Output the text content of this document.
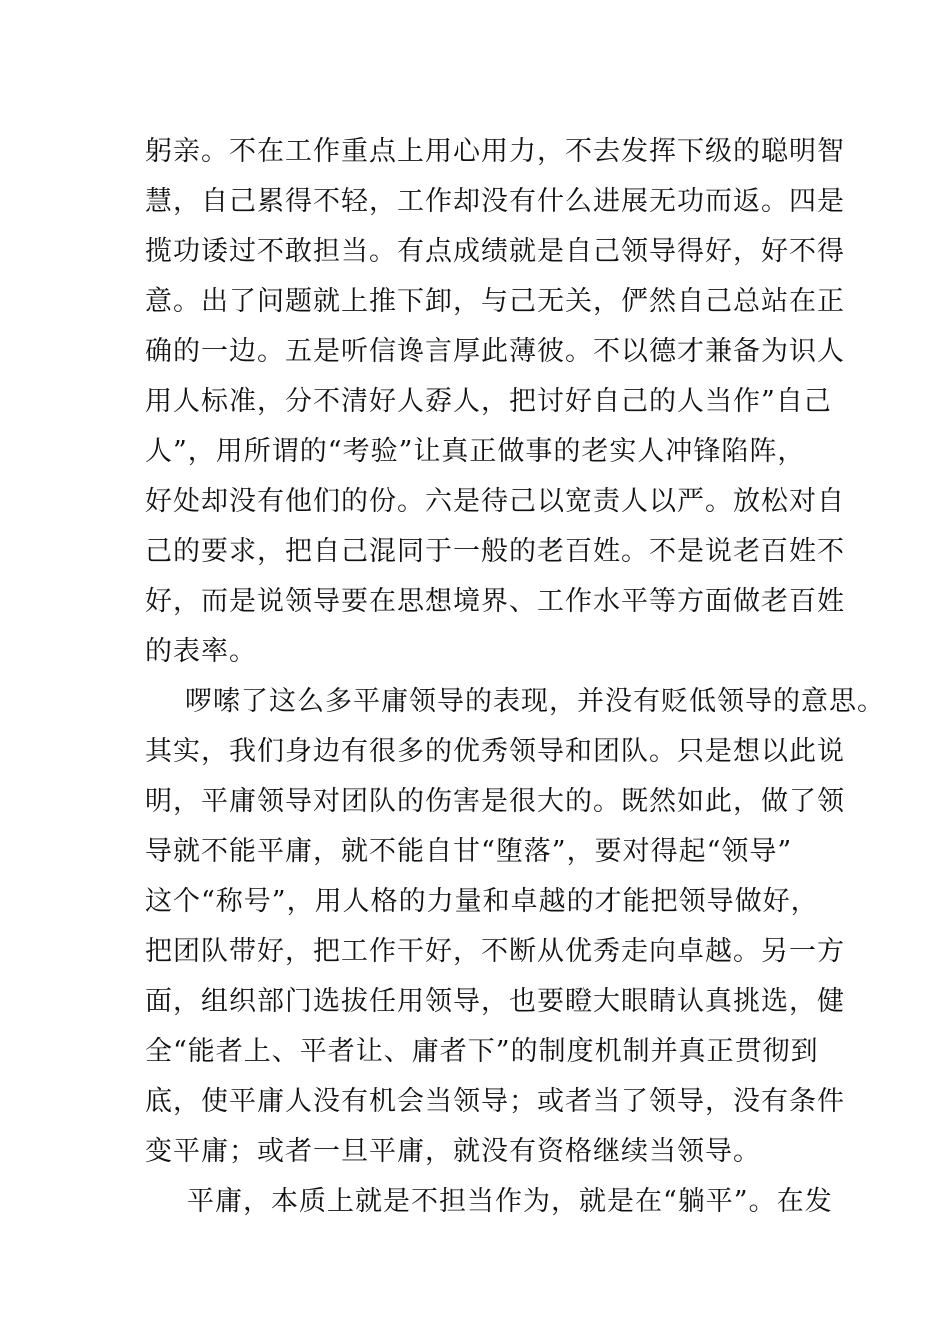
躬亲。不在工作重点上用心用力，不去发挥下级的聪明智
慧，自己累得不轻，工作却没有什么进展无功而返。四是
揽功诿过不敢担当。有点成绩就是自己领导得好，好不得
意。出了问题就上推下卸，与己无关，俨然自己总站在正
确的一边。五是听信谗言厚此薄彼。不以德才兼备为识人
用人标准，分不清好人孬人，把讨好自己的人当作”自己
人”，用所谓的“考验”让真正做事的老实人冲锋陷阵，
好处却没有他们的份。六是待己以宽责人以严。放松对自
己的要求，把自己混同于一般的老百姓。不是说老百姓不
好，而是说领导要在思想境界、工作水平等方面做老百姓
的表率。
啰嗦了这么多平庸领导的表现，并没有贬低领导的意思。
其实，我们身边有很多的优秀领导和团队。只是想以此说
明，平庸领导对团队的伤害是很大的。既然如此，做了领
导就不能平庸，就不能自甘“堕落”，要对得起“领导”
这个“称号”，用人格的力量和卓越的才能把领导做好，
把团队带好，把工作干好，不断从优秀走向卓越。另一方
面，组织部门选拔任用领导，也要瞪大眼睛认真挑选，健
全“能者上、平者让、庸者下”的制度机制并真正贯彻到
底，使平庸人没有机会当领导；或者当了领导，没有条件
变平庸；或者一旦平庸，就没有资格继续当领导。
平庸，本质上就是不担当作为，就是在“躺平”。在发
